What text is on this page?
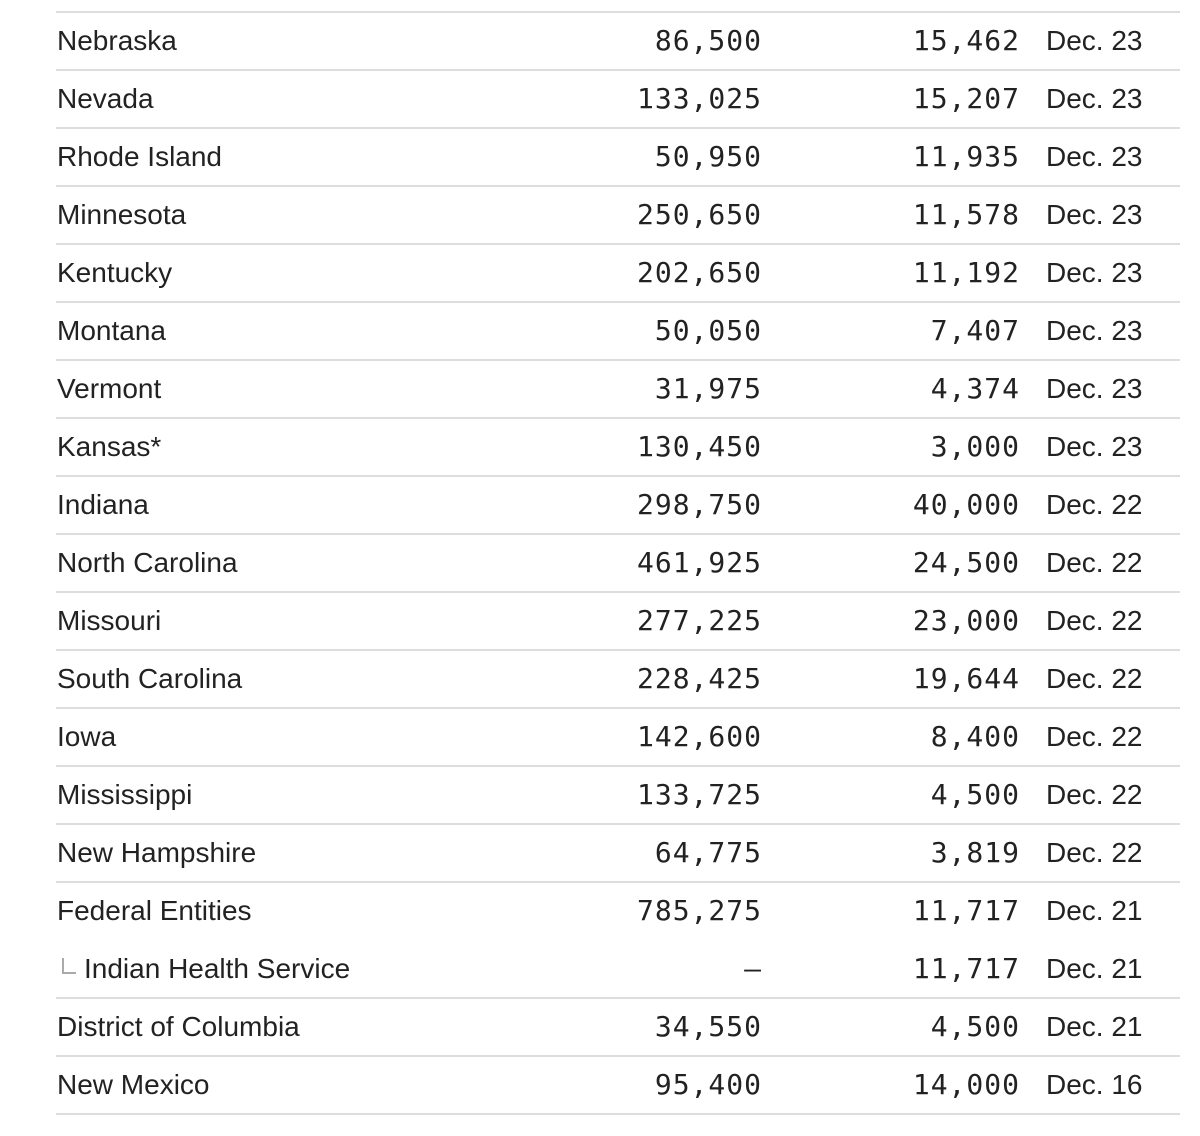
Nebraska	86,500	15,462 Dec. 23
Nevada	133,025	15,207 Dec. 23
Rhode Island	50,950	11,935 Dec. 23
Minnesota	250,650	11,578 Dec. 23
Kentucky	202,650	11,192 Dec. 23
Montana	50,050	7,407 Dec. 23
Vermont	31,975	4,374 Dec. 23
Kansas*	130,450	3,000 Dec. 23
Indiana	298,750	40,000 Dec. 22
North Carolina	461,925	24,500 Dec. 22
Missouri	277,225	23,000 Dec. 22
South Carolina	228,425	19,644 Dec. 22
Iowa	142,600	8,400 Dec. 22
Mississippi	133,725	4,500 Dec. 22
New Hampshire	64,775	3,819 Dec. 22
Federal Entities	785,275	11,717 Dec. 21
Indian Health Service	–	11,717 Dec. 21
District of Columbia	34,550	4,500 Dec. 21
New Mexico	95,400	14,000 Dec. 16
